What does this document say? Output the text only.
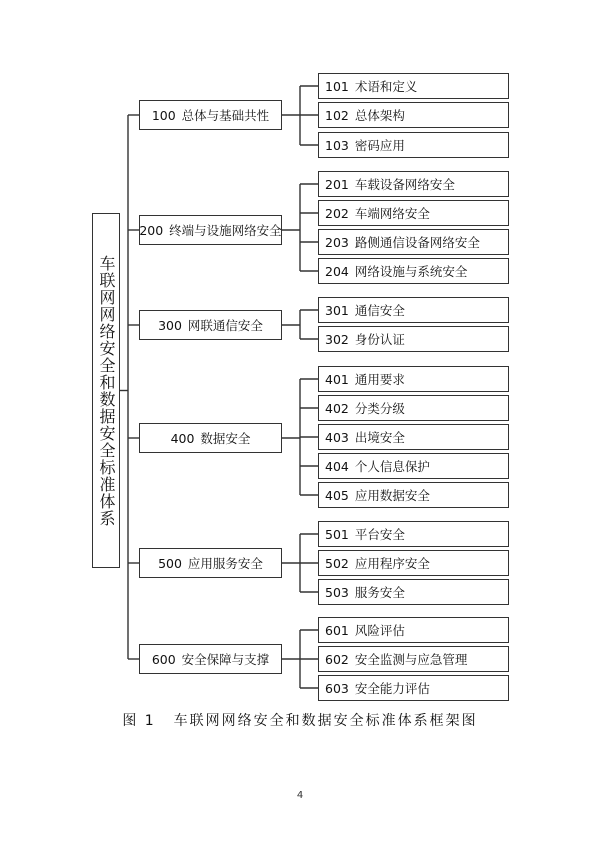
车联网网络安全和数据安全标准体系
100 总体与基础共性
200 终端与设施网络安全
300 网联通信安全
400 数据安全
500 应用服务安全
600 安全保障与支撑
101 术语和定义
102 总体架构
103 密码应用
201 车载设备网络安全
202 车端网络安全
203 路侧通信设备网络安全
204 网络设施与系统安全
301 通信安全
302 身份认证
401 通用要求
402 分类分级
403 出境安全
404 个人信息保护
405 应用数据安全
501 平台安全
502 应用程序安全
503 服务安全
601 风险评估
602 安全监测与应急管理
603 安全能力评估
图 1 车联网网络安全和数据安全标准体系框架图
4
